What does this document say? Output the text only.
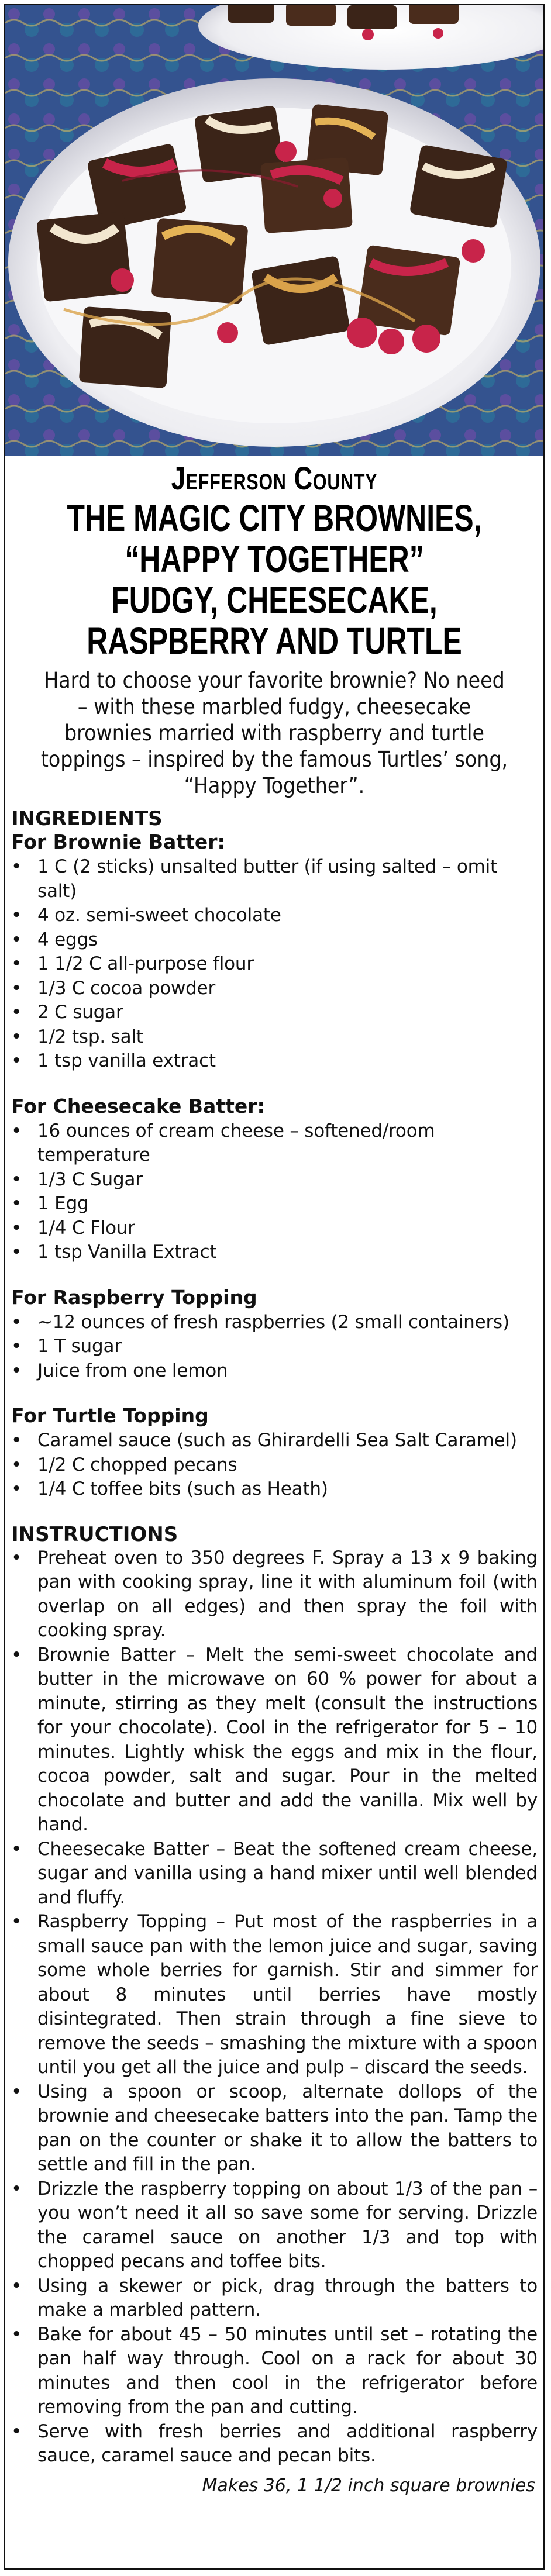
Jefferson County
THE MAGIC CITY BROWNIES,
“HAPPY TOGETHER”
FUDGY, CHEESECAKE,
RASPBERRY AND TURTLE
Hard to choose your favorite brownie? No need – with these marbled fudgy, cheesecake brownies married with raspberry and turtle toppings – inspired by the famous Turtles’ song, “Happy Together”.
INGREDIENTS
For Brownie Batter:
• 1 C (2 sticks) unsalted butter (if using salted – omit salt)
• 4 oz. semi-sweet chocolate
• 4 eggs
• 1 1/2 C all-purpose flour
• 1/3 C cocoa powder
• 2 C sugar
• 1/2 tsp. salt
• 1 tsp vanilla extract
For Cheesecake Batter:
• 16 ounces of cream cheese – softened/room temperature
• 1/3 C Sugar
• 1 Egg
• 1/4 C Flour
• 1 tsp Vanilla Extract
For Raspberry Topping
• ~12 ounces of fresh raspberries (2 small containers)
• 1 T sugar
• Juice from one lemon
For Turtle Topping
• Caramel sauce (such as Ghirardelli Sea Salt Caramel)
• 1/2 C chopped pecans
• 1/4 C toffee bits (such as Heath)
INSTRUCTIONS
• Preheat oven to 350 degrees F. Spray a 13 x 9 baking pan with cooking spray, line it with aluminum foil (with overlap on all edges) and then spray the foil with cooking spray.
• Brownie Batter – Melt the semi-sweet chocolate and butter in the microwave on 60 % power for about a minute, stirring as they melt (consult the instructions for your chocolate). Cool in the refrigerator for 5 – 10 minutes. Lightly whisk the eggs and mix in the flour, cocoa powder, salt and sugar. Pour in the melted chocolate and butter and add the vanilla. Mix well by hand.
• Cheesecake Batter – Beat the softened cream cheese, sugar and vanilla using a hand mixer until well blended and fluffy.
• Raspberry Topping – Put most of the raspberries in a small sauce pan with the lemon juice and sugar, saving some whole berries for garnish. Stir and simmer for about 8 minutes until berries have mostly disintegrated. Then strain through a fine sieve to remove the seeds – smashing the mixture with a spoon until you get all the juice and pulp – discard the seeds.
• Using a spoon or scoop, alternate dollops of the brownie and cheesecake batters into the pan. Tamp the pan on the counter or shake it to allow the batters to settle and fill in the pan.
• Drizzle the raspberry topping on about 1/3 of the pan – you won’t need it all so save some for serving. Drizzle the caramel sauce on another 1/3 and top with chopped pecans and toffee bits.
• Using a skewer or pick, drag through the batters to make a marbled pattern.
• Bake for about 45 – 50 minutes until set – rotating the pan half way through. Cool on a rack for about 30 minutes and then cool in the refrigerator before removing from the pan and cutting.
• Serve with fresh berries and additional raspberry sauce, caramel sauce and pecan bits.
Makes 36, 1 1/2 inch square brownies
